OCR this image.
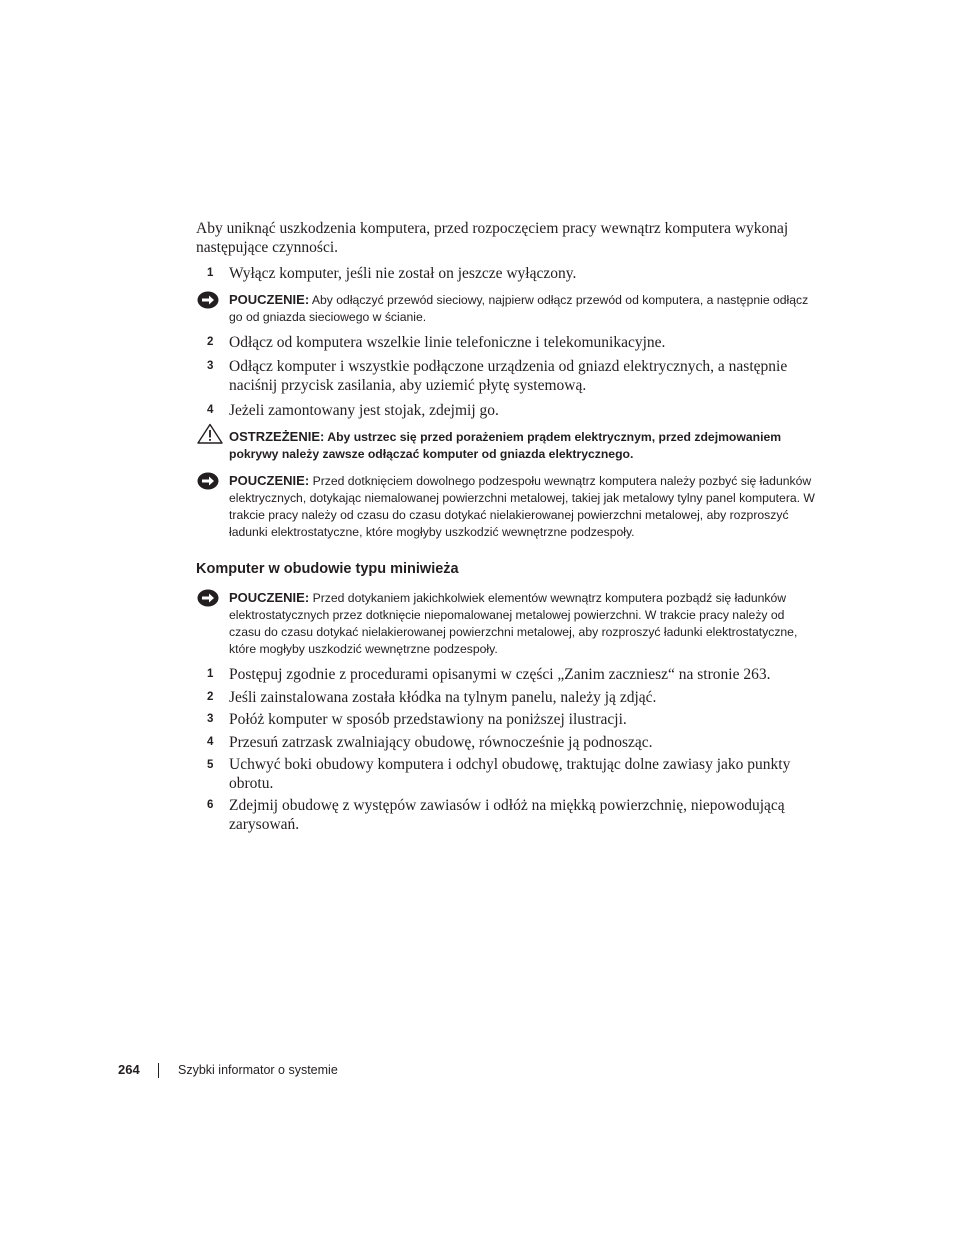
Aby uniknąć uszkodzenia komputera, przed rozpoczęciem pracy wewnątrz komputera wykonaj następujące czynności.
1 Wyłącz komputer, jeśli nie został on jeszcze wyłączony.
POUCZENIE: Aby odłączyć przewód sieciowy, najpierw odłącz przewód od komputera, a następnie odłącz go od gniazda sieciowego w ścianie.
2 Odłącz od komputera wszelkie linie telefoniczne i telekomunikacyjne.
3 Odłącz komputer i wszystkie podłączone urządzenia od gniazd elektrycznych, a następnie naciśnij przycisk zasilania, aby uziemić płytę systemową.
4 Jeżeli zamontowany jest stojak, zdejmij go.
OSTRZEŻENIE: Aby ustrzec się przed porażeniem prądem elektrycznym, przed zdejmowaniem pokrywy należy zawsze odłączać komputer od gniazda elektrycznego.
POUCZENIE: Przed dotknięciem dowolnego podzespołu wewnątrz komputera należy pozbyć się ładunków elektrycznych, dotykając niemalowanej powierzchni metalowej, takiej jak metalowy tylny panel komputera. W trakcie pracy należy od czasu do czasu dotykać nielakierowanej powierzchni metalowej, aby rozproszyć ładunki elektrostatyczne, które mogłyby uszkodzić wewnętrzne podzespoły.
Komputer w obudowie typu miniwieża
POUCZENIE: Przed dotykaniem jakichkolwiek elementów wewnątrz komputera pozbądź się ładunków elektrostatycznych przez dotknięcie niepomalowanej metalowej powierzchni. W trakcie pracy należy od czasu do czasu dotykać nielakierowanej powierzchni metalowej, aby rozproszyć ładunki elektrostatyczne, które mogłyby uszkodzić wewnętrzne podzespoły.
1 Postępuj zgodnie z procedurami opisanymi w części „Zanim zaczniesz“ na stronie 263.
2 Jeśli zainstalowana została kłódka na tylnym panelu, należy ją zdjąć.
3 Połóż komputer w sposób przedstawiony na poniższej ilustracji.
4 Przesuń zatrzask zwalniający obudowę, równocześnie ją podnosząc.
5 Uchwyć boki obudowy komputera i odchyl obudowę, traktując dolne zawiasy jako punkty obrotu.
6 Zdejmij obudowę z występów zawiasów i odłóż na miękką powierzchnię, niepowodującą zarysowań.
264	Szybki informator o systemie
